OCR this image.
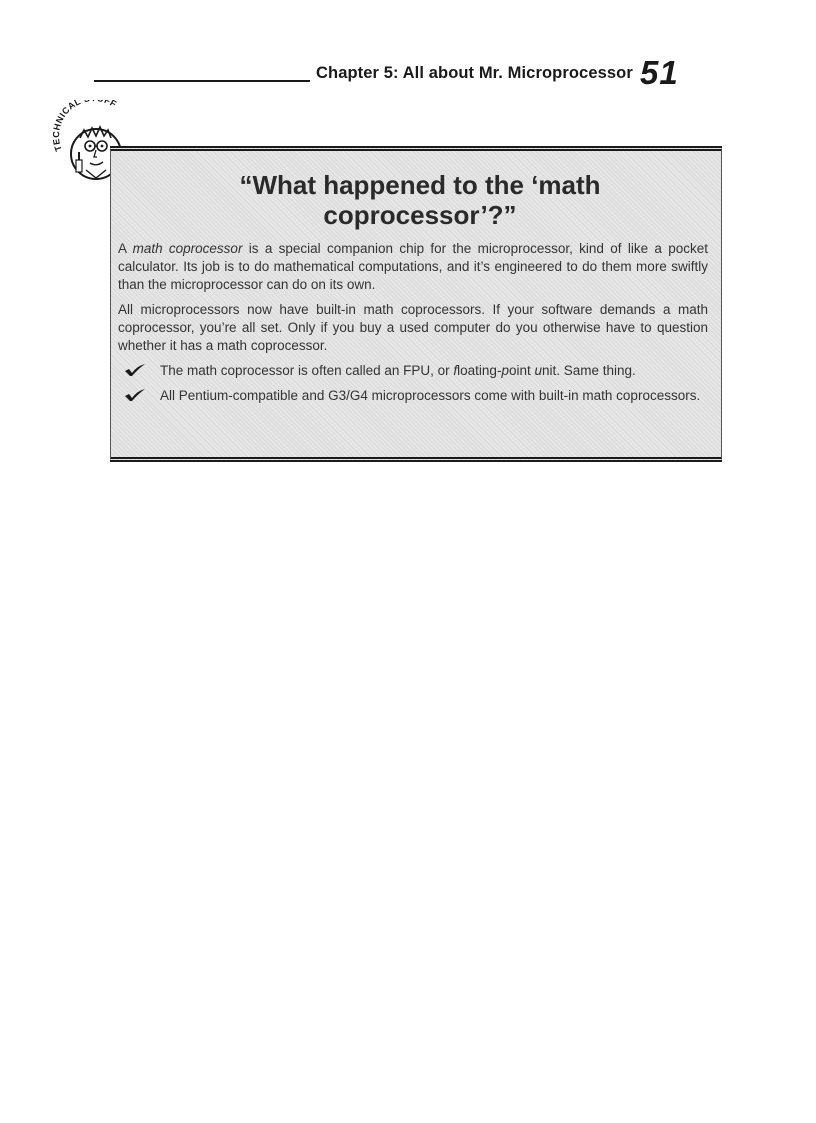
Chapter 5: All about Mr. Microprocessor 51
TECHNICAL FF
“What happened to the ‘math coprocessor’?”

A math coprocessor is a special companion chip for the microprocessor, kind of like a pocket calculator. Its job is to do mathematical computations, and it’s engineered to do them more swiftly than the microprocessor can do on its own.

All microprocessors now have built-in math coprocessors. If your software demands a math coprocessor, you’re all set. Only if you buy a used computer do you otherwise have to question whether it has a math coprocessor.

The math coprocessor is often called an FPU, or floating-point unit. Same thing.
All Pentium-compatible and G3/G4 microprocessors come with built-in math coprocessors.
